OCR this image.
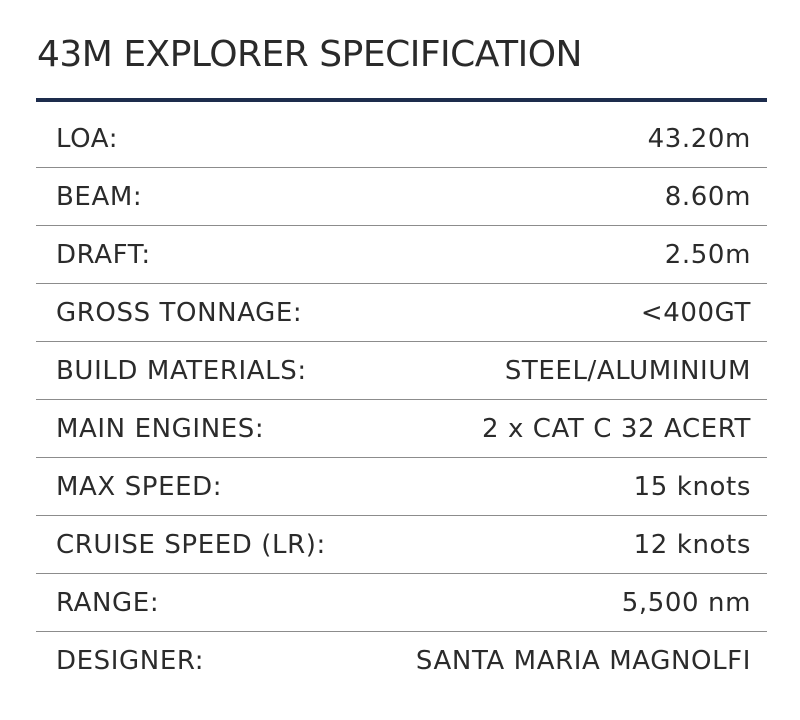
43M EXPLORER SPECIFICATION
LOA:	43.20m
BEAM:	8.60m
DRAFT:	2.50m
GROSS TONNAGE:	<400GT
BUILD MATERIALS:	STEEL/ALUMINIUM
MAIN ENGINES:	2 x CAT C 32 ACERT
MAX SPEED:	15 knots
CRUISE SPEED (LR):	12 knots
RANGE:	5,500 nm
DESIGNER:	SANTA MARIA MAGNOLFI
